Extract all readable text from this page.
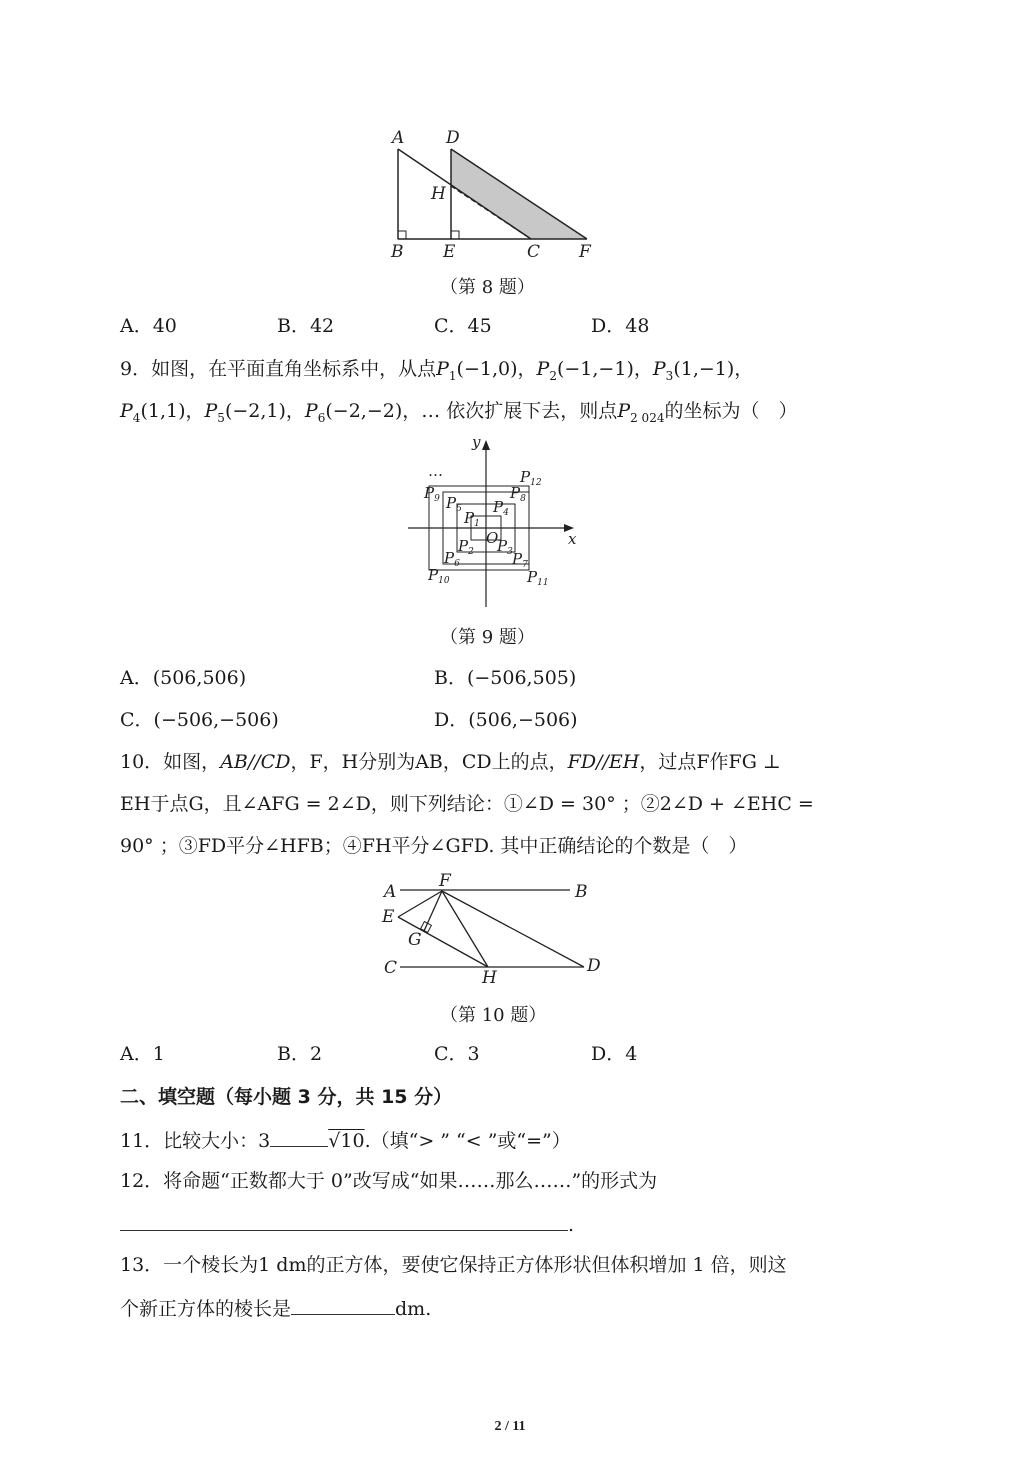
A D
H
B E	C F
（第 8 题）
A．40	B．42	C．45	D．48
9．如图，在平面直角坐标系中，从点$P_1(-1,0)$，$P_2(-1,-1)$，$P_3(1,-1)$，
$P_4(1,1)$，$P_5(-2,1)$，$P_6(-2,-2)$，… 依次扩展下去，则点$P_{2 024}$的坐标为（　）
y
x
O
…	$P_{12}$
$P_9$	$P_8$
$P_5$ $P_4$
$P_1$
$P_2$ $P_3$
$P_6$	$P_7$
$P_{10}$	$P_{11}$
（第 9 题）
A．(506,506)	B．(−506,505)
C．(−506,−506)	D．(506,−506)
10．如图，AB//CD，F，H分别为AB，CD上的点，FD//EH，过点F作FG ⊥
EH于点G，且∠AFG = 2∠D，则下列结论：①∠D = 30° ；②2∠D + ∠EHC =
90° ；③FD平分∠HFB；④FH平分∠GFD. 其中正确结论的个数是（　）
A
F
B
E
G
C	H
D
（第 10 题）
A．1	B．2	C．3	D．4
二、填空题（每小题 3 分，共 15 分）
11．比较大小：3	√10.（填“> ” “< ”或“=”）
12．将命题“正数都大于 0”改写成“如果……那么……”的形式为
.
13．一个棱长为1 dm的正方体，要使它保持正方体形状但体积增加 1 倍，则这
个新正方体的棱长是	dm.
2 / 11
